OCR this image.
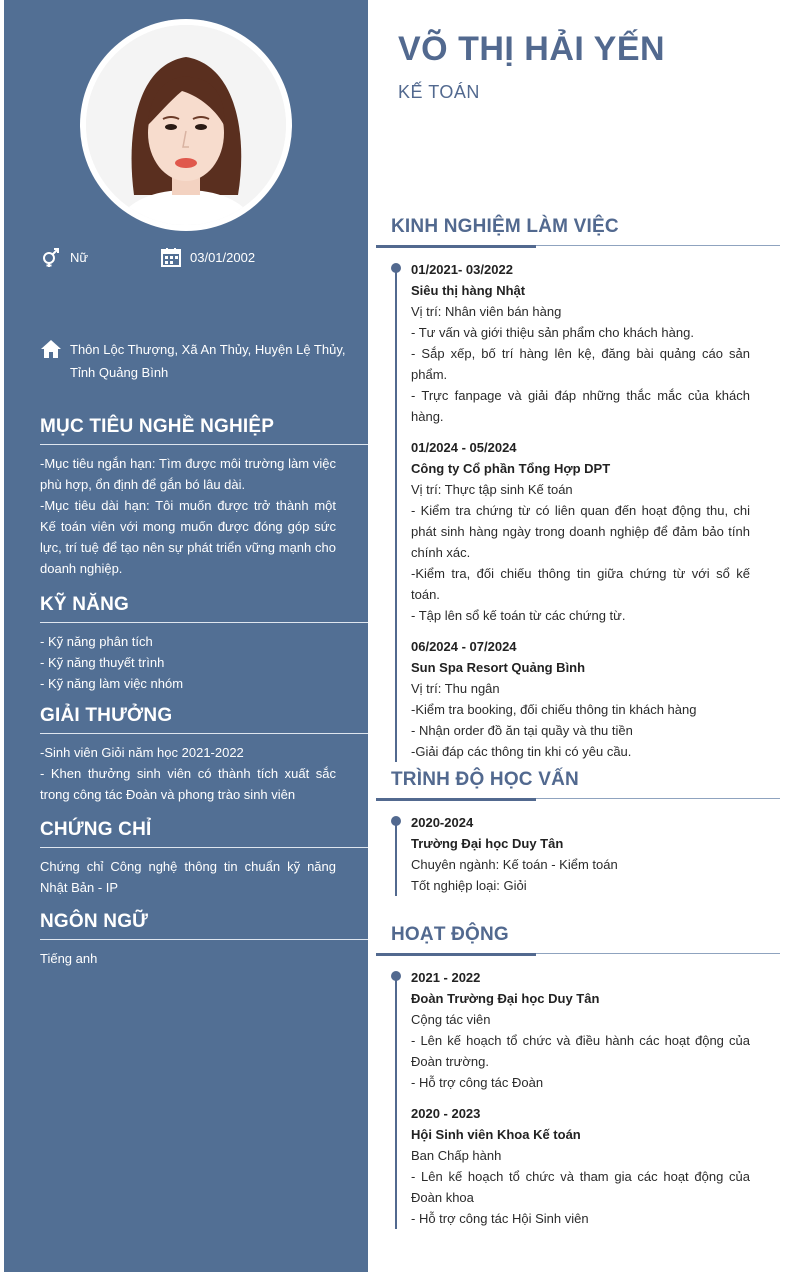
Nữ	03/01/2002
Thôn Lộc Thượng, Xã An Thủy, Huyện Lệ Thủy, Tỉnh Quảng Bình
MỤC TIÊU NGHỀ NGHIỆP
-Mục tiêu ngắn hạn: Tìm được môi trường làm việc phù hợp, ổn định để gắn bó lâu dài.
-Mục tiêu dài hạn: Tôi muốn được trở thành một Kế toán viên với mong muốn được đóng góp sức lực, trí tuệ để tạo nên sự phát triển vững mạnh cho doanh nghiệp.
KỸ NĂNG
- Kỹ năng phân tích
- Kỹ năng thuyết trình
- Kỹ năng làm việc nhóm
GIẢI THƯỞNG
-Sinh viên Giỏi năm học 2021-2022
- Khen thưởng sinh viên có thành tích xuất sắc trong công tác Đoàn và phong trào sinh viên
CHỨNG CHỈ
Chứng chỉ Công nghệ thông tin chuẩn kỹ năng Nhật Bản - IP
NGÔN NGỮ
Tiếng anh
VÕ THỊ HẢI YẾN
KẾ TOÁN
KINH NGHIỆM LÀM VIỆC
01/2021- 03/2022
Siêu thị hàng Nhật
Vị trí: Nhân viên bán hàng
- Tư vấn và giới thiệu sản phẩm cho khách hàng.
- Sắp xếp, bố trí hàng lên kệ, đăng bài quảng cáo sản phẩm.
- Trực fanpage và giải đáp những thắc mắc của khách hàng.
01/2024 - 05/2024
Công ty Cổ phần Tổng Hợp DPT
Vị trí: Thực tập sinh Kế toán
- Kiểm tra chứng từ có liên quan đến hoạt động thu, chi phát sinh hàng ngày trong doanh nghiệp để đảm bảo tính chính xác.
-Kiểm tra, đối chiếu thông tin giữa chứng từ với sổ kế toán.
- Tập lên sổ kế toán từ các chứng từ.
06/2024 - 07/2024
Sun Spa Resort Quảng Bình
Vị trí: Thu ngân
-Kiểm tra booking, đối chiếu thông tin khách hàng
- Nhận order đồ ăn tại quầy và thu tiền
-Giải đáp các thông tin khi có yêu cầu.
TRÌNH ĐỘ HỌC VẤN
2020-2024
Trường Đại học Duy Tân
Chuyên ngành: Kế toán - Kiểm toán
Tốt nghiệp loại: Giỏi
HOẠT ĐỘNG
2021 - 2022
Đoàn Trường Đại học Duy Tân
Cộng tác viên
- Lên kế hoạch tổ chức và điều hành các hoạt động của Đoàn trường.
- Hỗ trợ công tác Đoàn
2020 - 2023
Hội Sinh viên Khoa Kế toán
Ban Chấp hành
- Lên kế hoạch tổ chức và tham gia các hoạt động của Đoàn khoa
- Hỗ trợ công tác Hội Sinh viên
